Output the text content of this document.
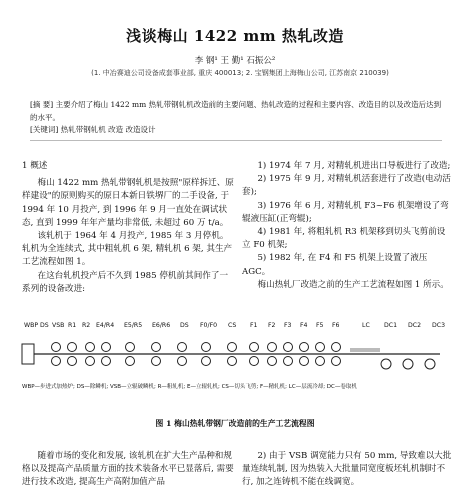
浅谈梅山 1422 mm 热轧改造
李 钢¹ 王 勤¹ 石振公²
(1. 中冶赛迪公司设备成套事业部, 重庆 400013; 2. 宝钢集团上海梅山公司, 江苏南京 210039)
[摘 要] 主要介绍了梅山 1422 mm 热轧带钢轧机改造前的主要问题、热轧改造的过程和主要内容、改造目的以及改造后达到的水平。
[关键词] 热轧带钢轧机 改造 改造设计

1 概述

梅山 1422 mm 热轧带钢轧机是按照"原样拆迁、原样建设"的原则购买的原日本新日铁堺厂的二手设备, 于 1994 年 10 月投产, 到 1996 年 9 月一直处在调试状态, 直到 1999 年年产量均非常低, 未超过 60 万 t/a。

该轧机于 1964 年 4 月投产, 1985 年 3 月停机。轧机为全连续式, 其中粗轧机 6 架, 精轧机 6 架, 其生产工艺流程如图 1。

在这台轧机投产后不久到 1985 停机前其间作了一系列的设备改进:

1) 1974 年 7 月, 对精轧机进出口导板进行了改造;

2) 1975 年 9 月, 对精轧机活套进行了改造(电动活套);

3) 1976 年 6 月, 对精轧机 F3~F6 机架增设了弯辊液压缸(正弯辊);

4) 1981 年, 将粗轧机 R3 机架移到切头飞剪前设立 F0 机架;

5) 1982 年, 在 F4 和 F5 机架上设置了液压 AGC。

梅山热轧厂改造之前的生产工艺流程如图 1 所示。

WBP DS VSB R1 R2 E4/R4 E5/R5 E6/R6 DS F0/F0 CS F1 F2 F3 F4 F5 F6	LC DC1 DC2 DC3
WBP—步进式加热炉; DS—除鳞机; VSB—立辊破鳞机; R—粗轧机; E—立辊轧机; CS—切头飞剪; F—精轧机; LC—层流冷却; DC—卷取机
图 1 梅山热轧带钢厂改造前的生产工艺流程图
随着市场的变化和发展, 该轧机在扩大生产品种和规格以及提高产品质量方面的技术装备水平已显落后, 需要进行技术改造, 提高生产高附加值产品
2) 由于 VSB 调宽能力只有 50 mm, 导致难以大批量连续轧制, 因为热装入大批量同宽度板坯轧机制时不行, 加之连铸机不能在线调宽。
